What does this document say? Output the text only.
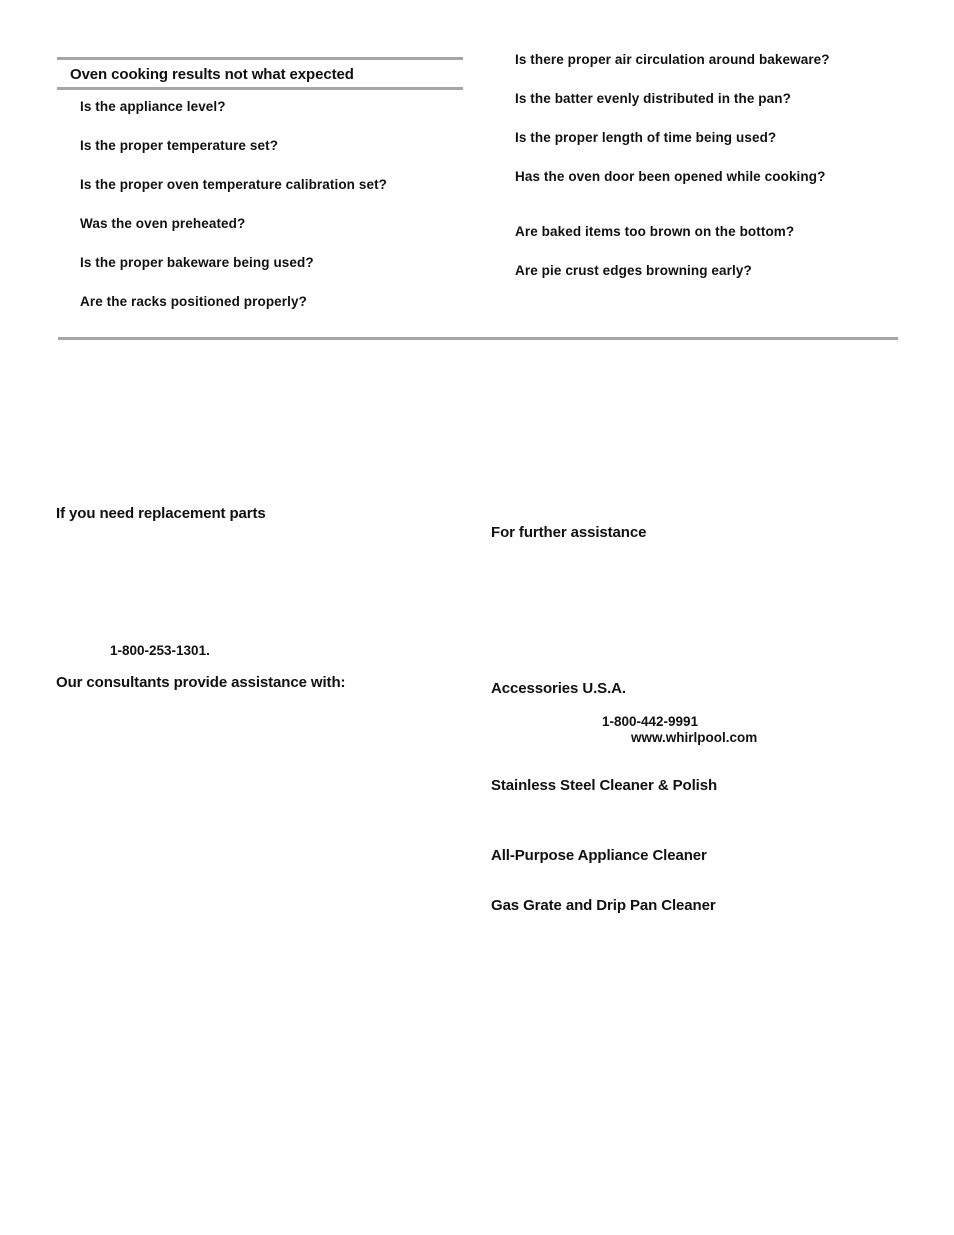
Oven cooking results not what expected
Is the appliance level?
Is the proper temperature set?
Is the proper oven temperature calibration set?
Was the oven preheated?
Is the proper bakeware being used?
Are the racks positioned properly?
Is there proper air circulation around bakeware?
Is the batter evenly distributed in the pan?
Is the proper length of time being used?
Has the oven door been opened while cooking?
Are baked items too brown on the bottom?
Are pie crust edges browning early?
If you need replacement parts
1-800-253-1301.
Our consultants provide assistance with:
For further assistance
Accessories U.S.A.
1-800-442-9991
www.whirlpool.com
Stainless Steel Cleaner & Polish
All-Purpose Appliance Cleaner
Gas Grate and Drip Pan Cleaner
